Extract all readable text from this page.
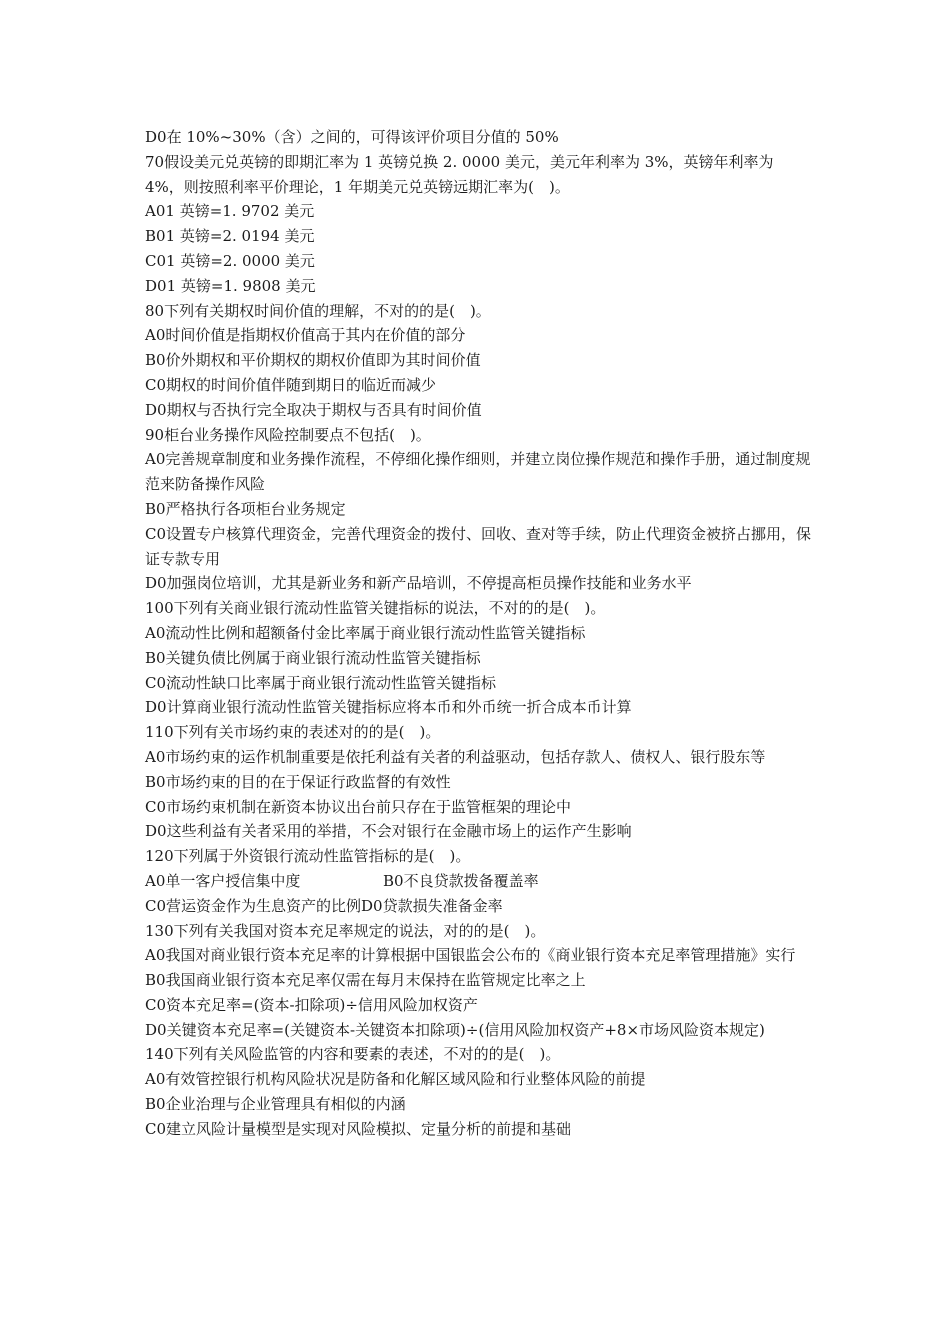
D0在 10%~30%（含）之间的，可得该评价项目分值的 50%
70假设美元兑英镑的即期汇率为 1 英镑兑换 2. 0000 美元，美元年利率为 3%，英镑年利率为 4%，则按照利率平价理论，1 年期美元兑英镑远期汇率为(　)。
A01 英镑=1. 9702 美元
B01 英镑=2. 0194 美元
C01 英镑=2. 0000 美元
D01 英镑=1. 9808 美元
80下列有关期权时间价值的理解，不对的的是(　)。
A0时间价值是指期权价值高于其内在价值的部分
B0价外期权和平价期权的期权价值即为其时间价值
C0期权的时间价值伴随到期日的临近而减少
D0期权与否执行完全取决于期权与否具有时间价值
90柜台业务操作风险控制要点不包括(　)。
A0完善规章制度和业务操作流程，不停细化操作细则，并建立岗位操作规范和操作手册，通过制度规范来防备操作风险
B0严格执行各项柜台业务规定
C0设置专户核算代理资金，完善代理资金的拨付、回收、查对等手续，防止代理资金被挤占挪用，保证专款专用
D0加强岗位培训，尤其是新业务和新产品培训，不停提高柜员操作技能和业务水平
100下列有关商业银行流动性监管关键指标的说法，不对的的是(　)。
A0流动性比例和超额备付金比率属于商业银行流动性监管关键指标
B0关键负债比例属于商业银行流动性监管关键指标
C0流动性缺口比率属于商业银行流动性监管关键指标
D0计算商业银行流动性监管关键指标应将本币和外币统一折合成本币计算
110下列有关市场约束的表述对的的是(　)。
A0市场约束的运作机制重要是依托利益有关者的利益驱动，包括存款人、债权人、银行股东等
B0市场约束的目的在于保证行政监督的有效性
C0市场约束机制在新资本协议出台前只存在于监管框架的理论中
D0这些利益有关者采用的举措，不会对银行在金融市场上的运作产生影响
120下列属于外资银行流动性监管指标的是(　)。
A0单一客户授信集中度	B0不良贷款拨备覆盖率
C0营运资金作为生息资产的比例D0贷款损失准备金率
130下列有关我国对资本充足率规定的说法，对的的是(　)。
A0我国对商业银行资本充足率的计算根据中国银监会公布的《商业银行资本充足率管理措施》实行
B0我国商业银行资本充足率仅需在每月末保持在监管规定比率之上
C0资本充足率=(资本-扣除项)÷信用风险加权资产
D0关键资本充足率=(关键资本-关键资本扣除项)÷(信用风险加权资产+8×市场风险资本规定)
140下列有关风险监管的内容和要素的表述，不对的的是(　)。
A0有效管控银行机构风险状况是防备和化解区域风险和行业整体风险的前提
B0企业治理与企业管理具有相似的内涵
C0建立风险计量模型是实现对风险模拟、定量分析的前提和基础
